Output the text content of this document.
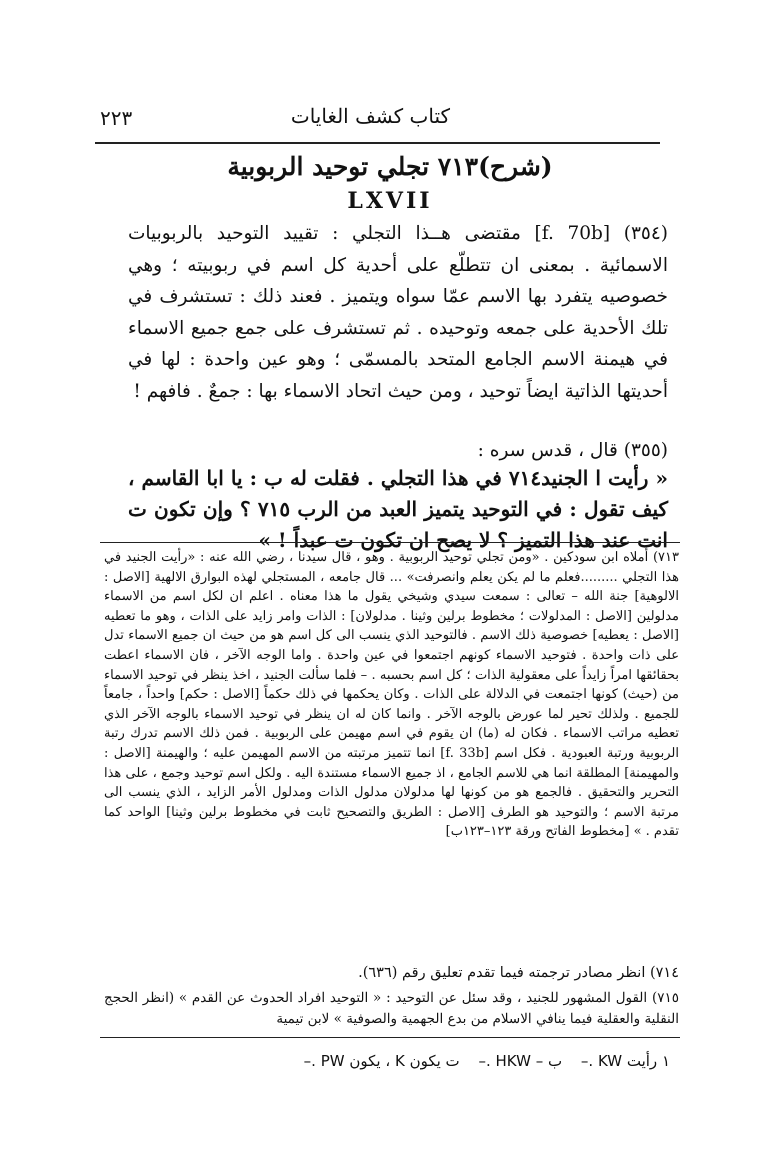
٢٢٣	كتاب كشف الغايات
(شرح)٧١٣ تجلي توحيد الربوبية
LXVII
(٣٥٤) [f. 70b] مقتضى هــذا التجلي : تقييد التوحيد بالربوبيات الاسمائية . بمعنى ان تتطلّع على أحدية كل اسم في ربوبيته ؛ وهي خصوصيه يتفرد بها الاسم عمّا سواه ويتميز . فعند ذلك : تستشرف في تلك الأحدية على جمعه وتوحيده . ثم تستشرف على جمع جميع الاسماء في هيمنة الاسم الجامع المتحد بالمسمّى ؛ وهو عين واحدة : لها في أحديتها الذاتية ايضاً توحيد ، ومن حيث اتحاد الاسماء بها : جمعٌ . فافهم !
(٣٥٥) قال ، قدس سره :
« رأيت ا الجنيد٧١٤ في هذا التجلي . فقلت له ب : يا ابا القاسم ، كيف تقول : في التوحيد يتميز العبد من الرب ٧١٥ ؟ وإن تكون ت انت عند هذا التميز ؟ لا يصح ان تكون ت عبداً ! »
٧١٣) أملاه ابن سودكين . «ومن تجلي توحيد الربوبية . وهو ، قال سيدنا ، رضي الله عنه : «رأيت الجنيد في هذا التجلي .........فعلم ما لم يكن يعلم وانصرفت» ... قال جامعه ، المستجلي لهذه البوارق الالهية [الاصل : الالوهية] جنة الله – تعالى : سمعت سيدي وشيخي يقول ما هذا معناه . اعلم ان لكل اسم من الاسماء مدلولين [الاصل : المدلولات ؛ مخطوط برلين وثينا . مدلولان] : الذات وامر زايد على الذات ، وهو ما تعطيه [الاصل : يعطيه] خصوصية ذلك الاسم . فالتوحيد الذي ينسب الى كل اسم هو من حيث ان جميع الاسماء تدل على ذات واحدة . فتوحيد الاسماء كونهم اجتمعوا في عين واحدة . واما الوجه الآخر ، فان الاسماء اعطت بحقائقها امراً زايداً على معقولية الذات ؛ كل اسم بحسبه . – فلما سألت الجنيد ، اخذ ينظر في توحيد الاسماء من (حيث) كونها اجتمعت في الدلالة على الذات . وكان يحكمها في ذلك حكماً [الاصل : حكم] واحداً ، جامعاً للجميع . ولذلك تحير لما عورض بالوجه الآخر . وانما كان له ان ينظر في توحيد الاسماء بالوجه الآخر الذي تعطيه مراتب الاسماء . فكان له (ما) ان يقوم في اسم مهيمن على الربوبية . فمن ذلك الاسم تدرك رتبة الربوبية ورتبة العبودية . فكل اسم [f. 33b] انما تتميز مرتبته من الاسم المهيمن عليه ؛ والهيمنة [الاصل : والمهيمنة] المطلقة انما هي للاسم الجامع ، اذ جميع الاسماء مستندة اليه . ولكل اسم توحيد وجمع ، على هذا التحرير والتحقيق . فالجمع هو من كونها لها مدلولان مدلول الذات ومدلول الأمر الزايد ، الذي ينسب الى مرتبة الاسم ؛ والتوحيد هو الطرف [الاصل : الطريق والتصحيح ثابت في مخطوط برلين وثينا] الواحد كما تقدم . » [مخطوط الفاتح ورقة ١٢٣–١٢٣ب]
٧١٤) انظر مصادر ترجمته فيما تقدم تعليق رقم (٦٣٦).
٧١٥) القول المشهور للجنيد ، وقد سئل عن التوحيد : « التوحيد افراد الحدوث عن القدم » (انظر الحجج النقلية والعقلية فيما ينافي الاسلام من بدع الجهمية والصوفية » لابن تيمية
١ رأيت KW .– ب – HKW .– ت يكون K ، يكون PW .–
